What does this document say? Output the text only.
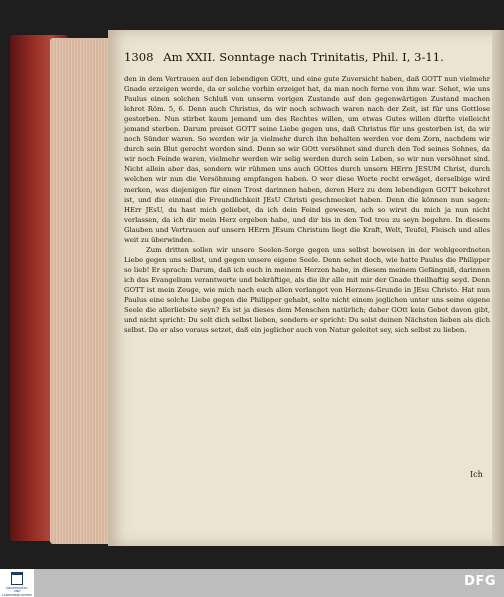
1308 Am XXII. Sonntage nach Trinitatis, Phil. I, 3-11.

den in dem Vertrauen auf den lebendigen GOtt, und eine gute Zuversicht haben, daß GOTT nun vielmehr Gnade erzeigen werde, da er solche vorhin erzeiget hat, da man noch ferne von ihm war. Sehet, wie uns Paulus einen solchen Schluß von unserm vorigen Zustande auf den gegenwärtigen Zustand machen lehret Röm. 5, 6. Denn auch Christus, da wir noch schwach waren nach der Zeit, ist für uns Gottlose gestorben. Nun stirbet kaum jemand um des Rechtes willen, um etwas Gutes willen dürfte vielleicht jemand sterben. Darum preiset GOTT seine Liebe gegen uns, daß Christus für uns gestorben ist, da wir noch Sünder waren. So werden wir ja vielmehr durch ihn behalten werden vor dem Zorn, nachdem wir durch sein Blut gerecht worden sind. Denn so wir GOtt versöhnet sind durch den Tod seines Sohnes, da wir noch Feinde waren, vielmehr werden wir selig werden durch sein Leben, so wir nun versöhnet sind. Nicht allein aber das, sondern wir rühmen uns auch GOttes durch unsern HErrn JESUM Christ, durch welchen wir nun die Versöhnung empfangen haben. O wer diese Worte recht erwäget, derselbige wird merken, was diejenigen für einen Trost darinnen haben, deren Herz zu dem lebendigen GOTT bekehret ist, und die einmal die Freundlichkeit JEsU Christi geschmecket haben. Denn die können nun sagen: HErr JEsU, du hast mich geliebet, da ich dein Feind gewesen, ach so wirst du mich ja nun nicht verlassen, da ich dir mein Herz ergeben habe, und dir bis in den Tod treu zu seyn begehre. In diesem Glauben und Vertrauen auf unsern HErrn JEsum Christum liegt die Kraft, Welt, Teufel, Fleisch und alles weit zu überwinden.

Zum dritten sollen wir unsere Seelen-Sorge gegen uns selbst beweisen in der wohlgeordneten Liebe gegen uns selbst, und gegen unsere eigene Seele. Denn sehet doch, wie hatte Paulus die Philipper so lieb! Er sprach: Darum, daß ich euch in meinem Herzen habe, in diesem meinem Gefängniß, darinnen ich das Evangelium verantworte und bekräftige, als die ihr alle mit mir der Gnade theilhaftig seyd. Denn GOTT ist mein Zeuge, wie mich nach euch allen verlanget von Herzens-Grunde in JEsu Christo. Hat nun Paulus eine solche Liebe gegen die Philipper gehabt, solte nicht einem jeglichen unter uns seine eigene Seele die allerliebste seyn? Es ist ja dieses dem Menschen natürlich; daher GOtt kein Gebot davon gibt, und nicht spricht: Du solt dich selbst lieben, sondern er spricht: Du solst deinen Nächsten lieben als dich selbst. Da er also voraus setzet, daß ein jeglicher auch von Natur geleitet sey, sich selbst zu lieben.

Ich
UNIVERSITÄTS- UND LANDESBIBLIOTHEK
DFG
